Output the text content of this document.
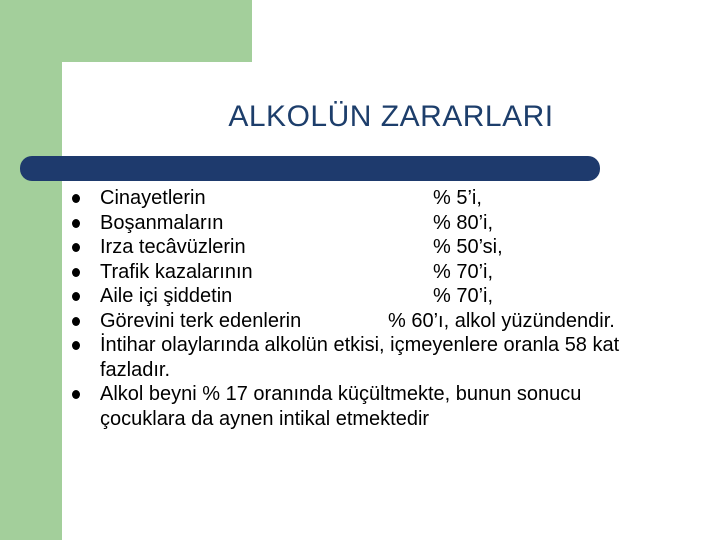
ALKOLÜN ZARARLARI
Cinayetlerin	% 5’i,
Boşanmaların	% 80’i,
Irza tecâvüzlerin	% 50’si,
Trafik kazalarının	% 70’i,
Aile içi şiddetin	% 70’i,
Görevini terk edenlerin	% 60’ı, alkol yüzündendir.
İntihar olaylarında alkolün etkisi, içmeyenlere oranla 58 kat fazladır.
Alkol beyni % 17 oranında küçültmekte, bunun sonucu çocuklara da aynen intikal etmektedir
